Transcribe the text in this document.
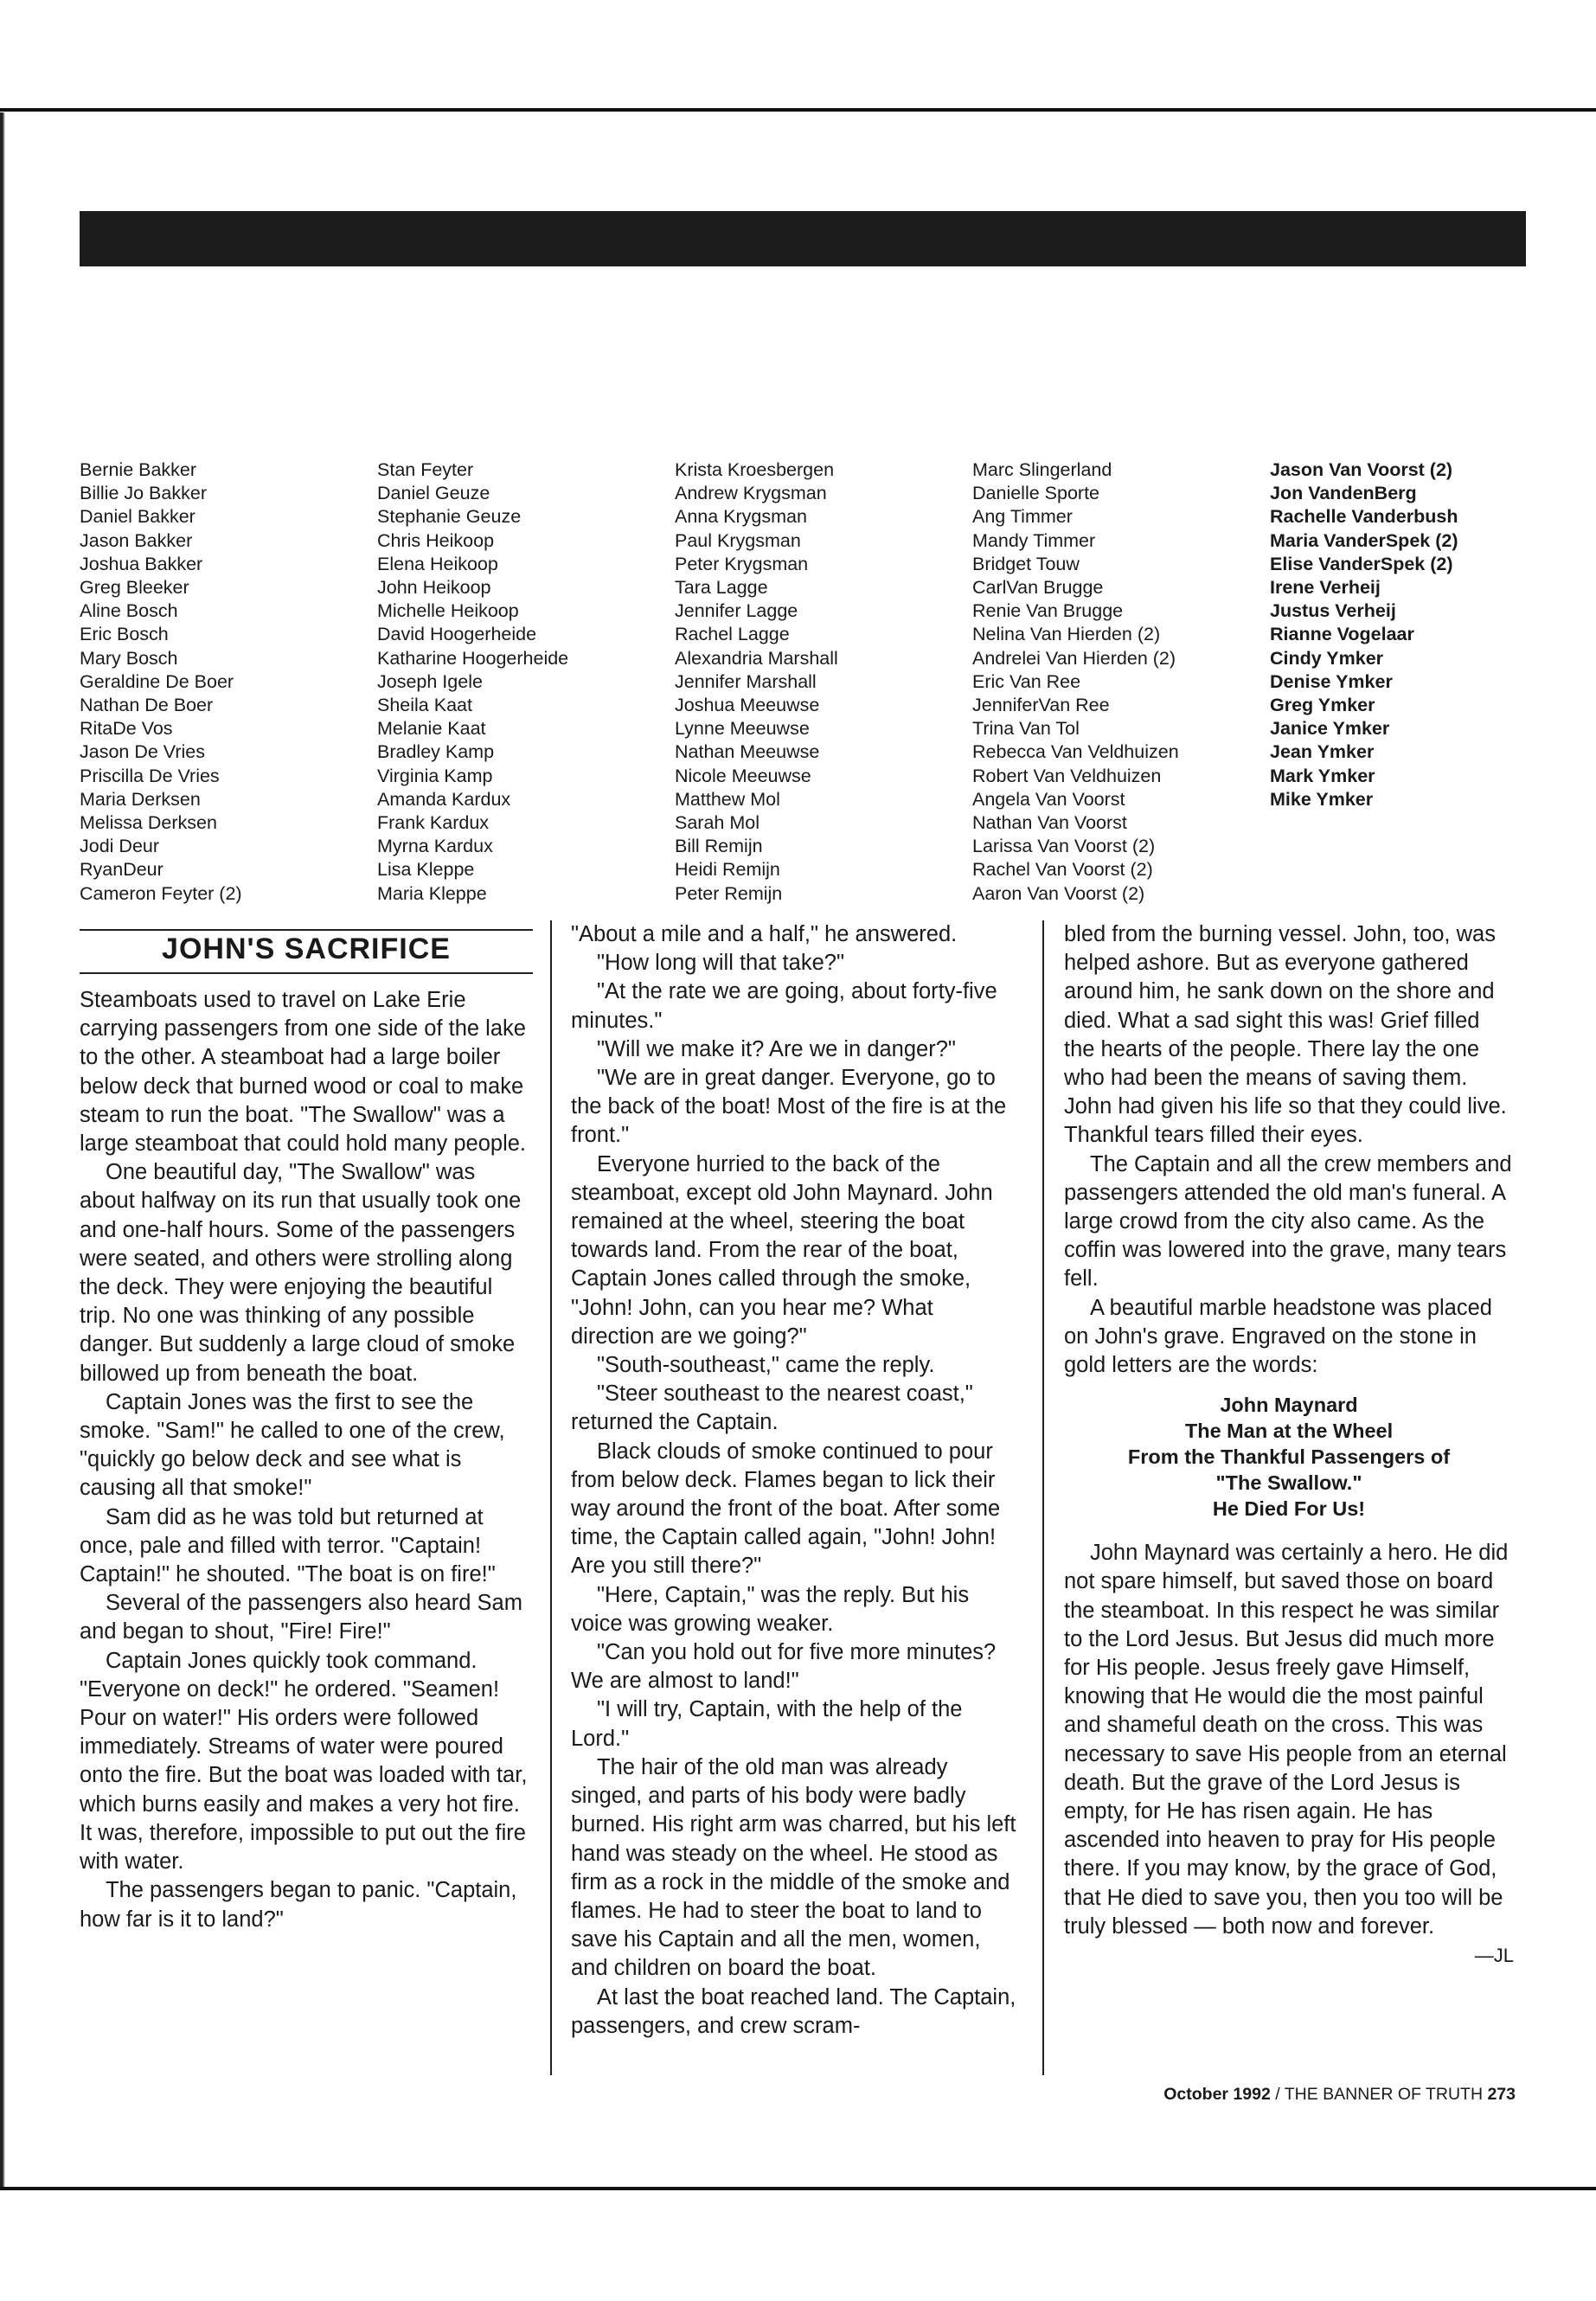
Bernie Bakker
Billie Jo Bakker
Daniel Bakker
Jason Bakker
Joshua Bakker
Greg Bleeker
Aline Bosch
Eric Bosch
Mary Bosch
Geraldine De Boer
Nathan De Boer
RitaDe Vos
Jason De Vries
Priscilla De Vries
Maria Derksen
Melissa Derksen
Jodi Deur
RyanDeur
Cameron Feyter (2)
Stan Feyter
Daniel Geuze
Stephanie Geuze
Chris Heikoop
Elena Heikoop
John Heikoop
Michelle Heikoop
David Hoogerheide
Katharine Hoogerheide
Joseph Igele
Sheila Kaat
Melanie Kaat
Bradley Kamp
Virginia Kamp
Amanda Kardux
Frank Kardux
Myrna Kardux
Lisa Kleppe
Maria Kleppe
Krista Kroesbergen
Andrew Krygsman
Anna Krygsman
Paul Krygsman
Peter Krygsman
Tara Lagge
Jennifer Lagge
Rachel Lagge
Alexandria Marshall
Jennifer Marshall
Joshua Meeuwse
Lynne Meeuwse
Nathan Meeuwse
Nicole Meeuwse
Matthew Mol
Sarah Mol
Bill Remijn
Heidi Remijn
Peter Remijn
Marc Slingerland
Danielle Sporte
Ang Timmer
Mandy Timmer
Bridget Touw
CarlVan Brugge
Renie Van Brugge
Nelina Van Hierden (2)
Andrelei Van Hierden (2)
Eric Van Ree
JenniferVan Ree
Trina Van Tol
Rebecca Van Veldhuizen
Robert Van Veldhuizen
Angela Van Voorst
Nathan Van Voorst
Larissa Van Voorst (2)
Rachel Van Voorst (2)
Aaron Van Voorst (2)
Jason Van Voorst (2)
Jon VandenBerg
Rachelle Vanderbush
Maria VanderSpek (2)
Elise VanderSpek (2)
Irene Verheij
Justus Verheij
Rianne Vogelaar
Cindy Ymker
Denise Ymker
Greg Ymker
Janice Ymker
Jean Ymker
Mark Ymker
Mike Ymker
JOHN'S SACRIFICE

Steamboats used to travel on Lake Erie carrying passengers from one side of the lake to the other. A steamboat had a large boiler below deck that burned wood or coal to make steam to run the boat. "The Swallow" was a large steamboat that could hold many people.

One beautiful day, "The Swallow" was about halfway on its run that usually took one and one-half hours. Some of the passengers were seated, and others were strolling along the deck. They were enjoying the beautiful trip. No one was thinking of any possible danger. But suddenly a large cloud of smoke billowed up from beneath the boat.

Captain Jones was the first to see the smoke. "Sam!" he called to one of the crew, "quickly go below deck and see what is causing all that smoke!"

Sam did as he was told but returned at once, pale and filled with terror. "Captain! Captain!" he shouted. "The boat is on fire!"

Several of the passengers also heard Sam and began to shout, "Fire! Fire!"

Captain Jones quickly took command. "Everyone on deck!" he ordered. "Seamen! Pour on water!" His orders were followed immediately. Streams of water were poured onto the fire. But the boat was loaded with tar, which burns easily and makes a very hot fire. It was, therefore, impossible to put out the fire with water.

The passengers began to panic. "Captain, how far is it to land?"

"About a mile and a half," he answered.

"How long will that take?"

"At the rate we are going, about forty-five minutes."

"Will we make it? Are we in danger?"

"We are in great danger. Everyone, go to the back of the boat! Most of the fire is at the front."

Everyone hurried to the back of the steamboat, except old John Maynard. John remained at the wheel, steering the boat towards land. From the rear of the boat, Captain Jones called through the smoke, "John! John, can you hear me? What direction are we going?"

"South-southeast," came the reply.

"Steer southeast to the nearest coast," returned the Captain.

Black clouds of smoke continued to pour from below deck. Flames began to lick their way around the front of the boat. After some time, the Captain called again, "John! John! Are you still there?"

"Here, Captain," was the reply. But his voice was growing weaker.

"Can you hold out for five more minutes? We are almost to land!"

"I will try, Captain, with the help of the Lord."

The hair of the old man was already singed, and parts of his body were badly burned. His right arm was charred, but his left hand was steady on the wheel. He stood as firm as a rock in the middle of the smoke and flames. He had to steer the boat to land to save his Captain and all the men, women, and children on board the boat.

At last the boat reached land. The Captain, passengers, and crew scram-

bled from the burning vessel. John, too, was helped ashore. But as everyone gathered around him, he sank down on the shore and died. What a sad sight this was! Grief filled the hearts of the people. There lay the one who had been the means of saving them. John had given his life so that they could live. Thankful tears filled their eyes.

The Captain and all the crew members and passengers attended the old man's funeral. A large crowd from the city also came. As the coffin was lowered into the grave, many tears fell.

A beautiful marble headstone was placed on John's grave. Engraved on the stone in gold letters are the words:

John Maynard
The Man at the Wheel
From the Thankful Passengers of
"The Swallow."
He Died For Us!

John Maynard was certainly a hero. He did not spare himself, but saved those on board the steamboat. In this respect he was similar to the Lord Jesus. But Jesus did much more for His people. Jesus freely gave Himself, knowing that He would die the most painful and shameful death on the cross. This was necessary to save His people from an eternal death. But the grave of the Lord Jesus is empty, for He has risen again. He has ascended into heaven to pray for His people there. If you may know, by the grace of God, that He died to save you, then you too will be truly blessed — both now and forever.

—JL
October 1992 / THE BANNER OF TRUTH 273
